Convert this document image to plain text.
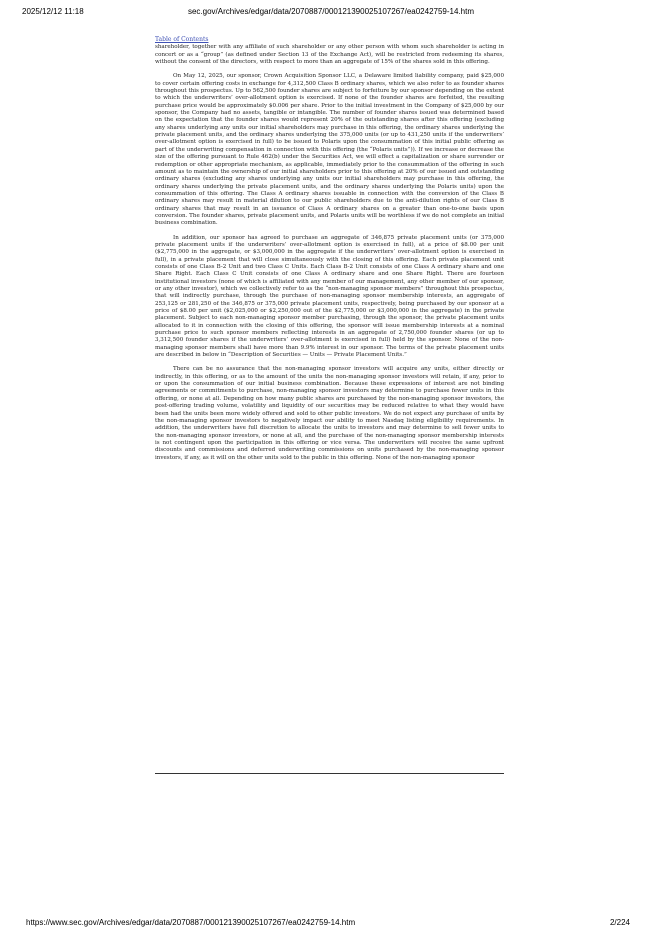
2025/12/12 11:18	sec.gov/Archives/edgar/data/2070887/000121390025107267/ea0242759-14.htm
Table of Contents

shareholder, together with any affiliate of such shareholder or any other person with whom such shareholder is acting in concert or as a “group” (as defined under Section 13 of the Exchange Act), will be restricted from redeeming its shares, without the consent of the directors, with respect to more than an aggregate of 15% of the shares sold in this offering.

On May 12, 2025, our sponsor, Crown Acquisition Sponsor LLC, a Delaware limited liability company, paid $25,000 to cover certain offering costs in exchange for 4,312,500 Class B ordinary shares, which we also refer to as founder shares throughout this prospectus. Up to 562,500 founder shares are subject to forfeiture by our sponsor depending on the extent to which the underwriters’ over-allotment option is exercised. If none of the founder shares are forfeited, the resulting purchase price would be approximately $0.006 per share. Prior to the initial investment in the Company of $25,000 by our sponsor, the Company had no assets, tangible or intangible. The number of founder shares issued was determined based on the expectation that the founder shares would represent 20% of the outstanding shares after this offering (excluding any shares underlying any units our initial shareholders may purchase in this offering, the ordinary shares underlying the private placement units, and the ordinary shares underlying the 375,000 units (or up to 431,250 units if the underwriters’ over-allotment option is exercised in full) to be issued to Polaris upon the consummation of this initial public offering as part of the underwriting compensation in connection with this offering (the “Polaris units”)). If we increase or decrease the size of the offering pursuant to Rule 462(b) under the Securities Act, we will effect a capitalization or share surrender or redemption or other appropriate mechanism, as applicable, immediately prior to the consummation of the offering in such amount as to maintain the ownership of our initial shareholders prior to this offering at 20% of our issued and outstanding ordinary shares (excluding any shares underlying any units our initial shareholders may purchase in this offering, the ordinary shares underlying the private placement units, and the ordinary shares underlying the Polaris units) upon the consummation of this offering. The Class A ordinary shares issuable in connection with the conversion of the Class B ordinary shares may result in material dilution to our public shareholders due to the anti-dilution rights of our Class B ordinary shares that may result in an issuance of Class A ordinary shares on a greater than one-to-one basis upon conversion. The founder shares, private placement units, and Polaris units will be worthless if we do not complete an initial business combination.

In addition, our sponsor has agreed to purchase an aggregate of 346,875 private placement units (or 375,000 private placement units if the underwriters’ over-allotment option is exercised in full), at a price of $8.00 per unit ($2,775,000 in the aggregate, or $3,000,000 in the aggregate if the underwriters’ over-allotment option is exercised in full), in a private placement that will close simultaneously with the closing of this offering. Each private placement unit consists of one Class B-2 Unit and two Class C Units. Each Class B-2 Unit consists of one Class A ordinary share and one Share Right. Each Class C Unit consists of one Class A ordinary share and one Share Right. There are fourteen institutional investors (none of which is affiliated with any member of our management, any other member of our sponsor, or any other investor), which we collectively refer to as the “non-managing sponsor members” throughout this prospectus, that will indirectly purchase, through the purchase of non-managing sponsor membership interests, an aggregate of 253,125 or 281,250 of the 346,875 or 375,000 private placement units, respectively, being purchased by our sponsor at a price of $8.00 per unit ($2,025,000 or $2,250,000 out of the $2,775,000 or $3,000,000 in the aggregate) in the private placement. Subject to each non-managing sponsor member purchasing, through the sponsor, the private placement units allocated to it in connection with the closing of this offering, the sponsor will issue membership interests at a nominal purchase price to such sponsor members reflecting interests in an aggregate of 2,750,000 founder shares (or up to 3,312,500 founder shares if the underwriters’ over-allotment is exercised in full) held by the sponsor. None of the non-managing sponsor members shall have more than 9.9% interest in our sponsor. The terms of the private placement units are described in below in “Description of Securities — Units — Private Placement Units.”

There can be no assurance that the non-managing sponsor investors will acquire any units, either directly or indirectly, in this offering, or as to the amount of the units the non-managing sponsor investors will retain, if any, prior to or upon the consummation of our initial business combination. Because these expressions of interest are not binding agreements or commitments to purchase, non-managing sponsor investors may determine to purchase fewer units in this offering, or none at all. Depending on how many public shares are purchased by the non-managing sponsor investors, the post-offering trading volume, volatility and liquidity of our securities may be reduced relative to what they would have been had the units been more widely offered and sold to other public investors. We do not expect any purchase of units by the non-managing sponsor investors to negatively impact our ability to meet Nasdaq listing eligibility requirements. In addition, the underwriters have full discretion to allocate the units to investors and may determine to sell fewer units to the non-managing sponsor investors, or none at all, and the purchase of the non-managing sponsor membership interests is not contingent upon the participation in this offering or vice versa. The underwriters will receive the same upfront discounts and commissions and deferred underwriting commissions on units purchased by the non-managing sponsor investors, if any, as it will on the other units sold to the public in this offering. None of the non-managing sponsor

https://www.sec.gov/Archives/edgar/data/2070887/000121390025107267/ea0242759-14.htm	2/224
